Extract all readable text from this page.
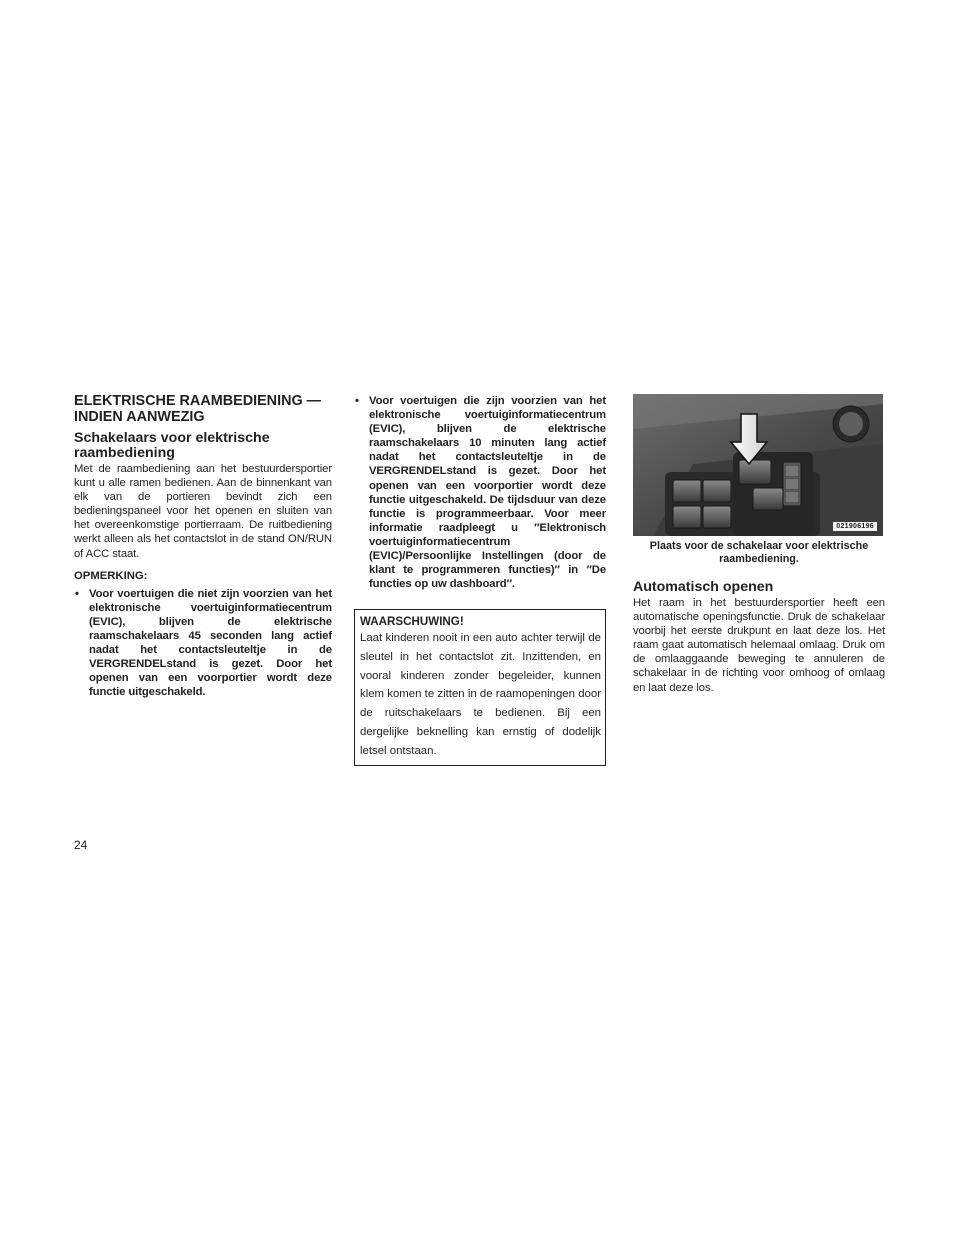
ELEKTRISCHE RAAMBEDIENING — INDIEN AANWEZIG
Schakelaars voor elektrische raambediening

Met de raambediening aan het bestuurdersportier kunt u alle ramen bedienen. Aan de binnenkant van elk van de portieren bevindt zich een bedieningspaneel voor het openen en sluiten van het overeenkomstige portierraam. De ruitbediening werkt alleen als het contactslot in de stand ON/RUN of ACC staat.

OPMERKING:
• Voor voertuigen die niet zijn voorzien van het elektronische voertuiginformatiecentrum (EVIC), blijven de elektrische raamschakelaars 45 seconden lang actief nadat het contactsleuteltje in de VERGRENDELstand is gezet. Door het openen van een voorportier wordt deze functie uitgeschakeld.
• Voor voertuigen die zijn voorzien van het elektronische voertuiginformatiecentrum (EVIC), blijven de elektrische raamschakelaars 10 minuten lang actief nadat het contactsleuteltje in de VERGRENDELstand is gezet. Door het openen van een voorportier wordt deze functie uitgeschakeld. De tijdsduur van deze functie is programmeerbaar. Voor meer informatie raadpleegt u ″Elektronisch voertuiginformatiecentrum (EVIC)/Persoonlijke Instellingen (door de klant te programmeren functies)″ in ″De functies op uw dashboard″.
WAARSCHUWING!

Laat kinderen nooit in een auto achter terwijl de sleutel in het contactslot zit. Inzittenden, en vooral kinderen zonder begeleider, kunnen klem komen te zitten in de raamopeningen door de ruitschakelaars te bedienen. Bij een dergelijke beknelling kan ernstig of dodelijk letsel ontstaan.

021906196

Plaats voor de schakelaar voor elektrische raambediening.

Automatisch openen

Het raam in het bestuurdersportier heeft een automatische openingsfunctie. Druk de schakelaar voorbij het eerste drukpunt en laat deze los. Het raam gaat automatisch helemaal omlaag. Druk om de omlaaggaande beweging te annuleren de schakelaar in de richting voor omhoog of omlaag en laat deze los.

24
